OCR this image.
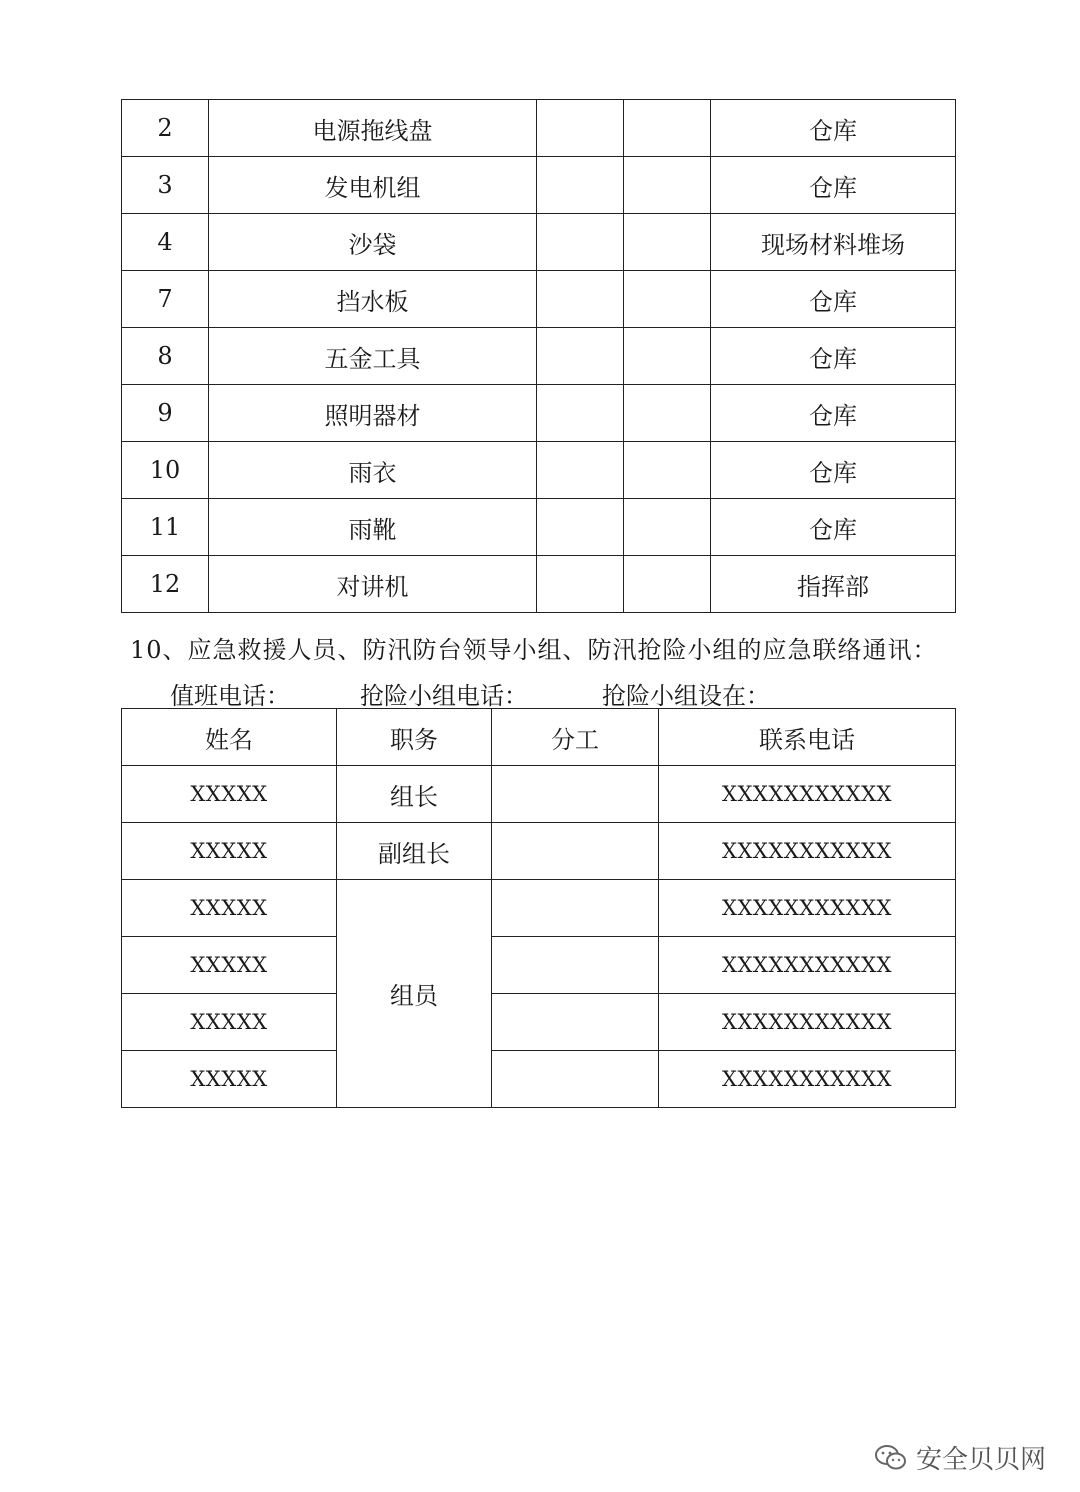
2	电源拖线盘			仓库
3	发电机组			仓库
4	沙袋			现场材料堆场
7	挡水板			仓库
8	五金工具			仓库
9	照明器材			仓库
10	雨衣			仓库
11	雨靴			仓库
12	对讲机			指挥部
10、应急救援人员、防汛防台领导小组、防汛抢险小组的应急联络通讯：
值班电话：	抢险小组电话：	抢险小组设在：
姓名	职务	分工	联系电话
XXXXX	组长		XXXXXXXXXXX
XXXXX	副组长		XXXXXXXXXXX
XXXXX	组员		XXXXXXXXXXX
XXXXX			XXXXXXXXXXX
XXXXX			XXXXXXXXXXX
XXXXX			XXXXXXXXXXX
安全贝贝网
